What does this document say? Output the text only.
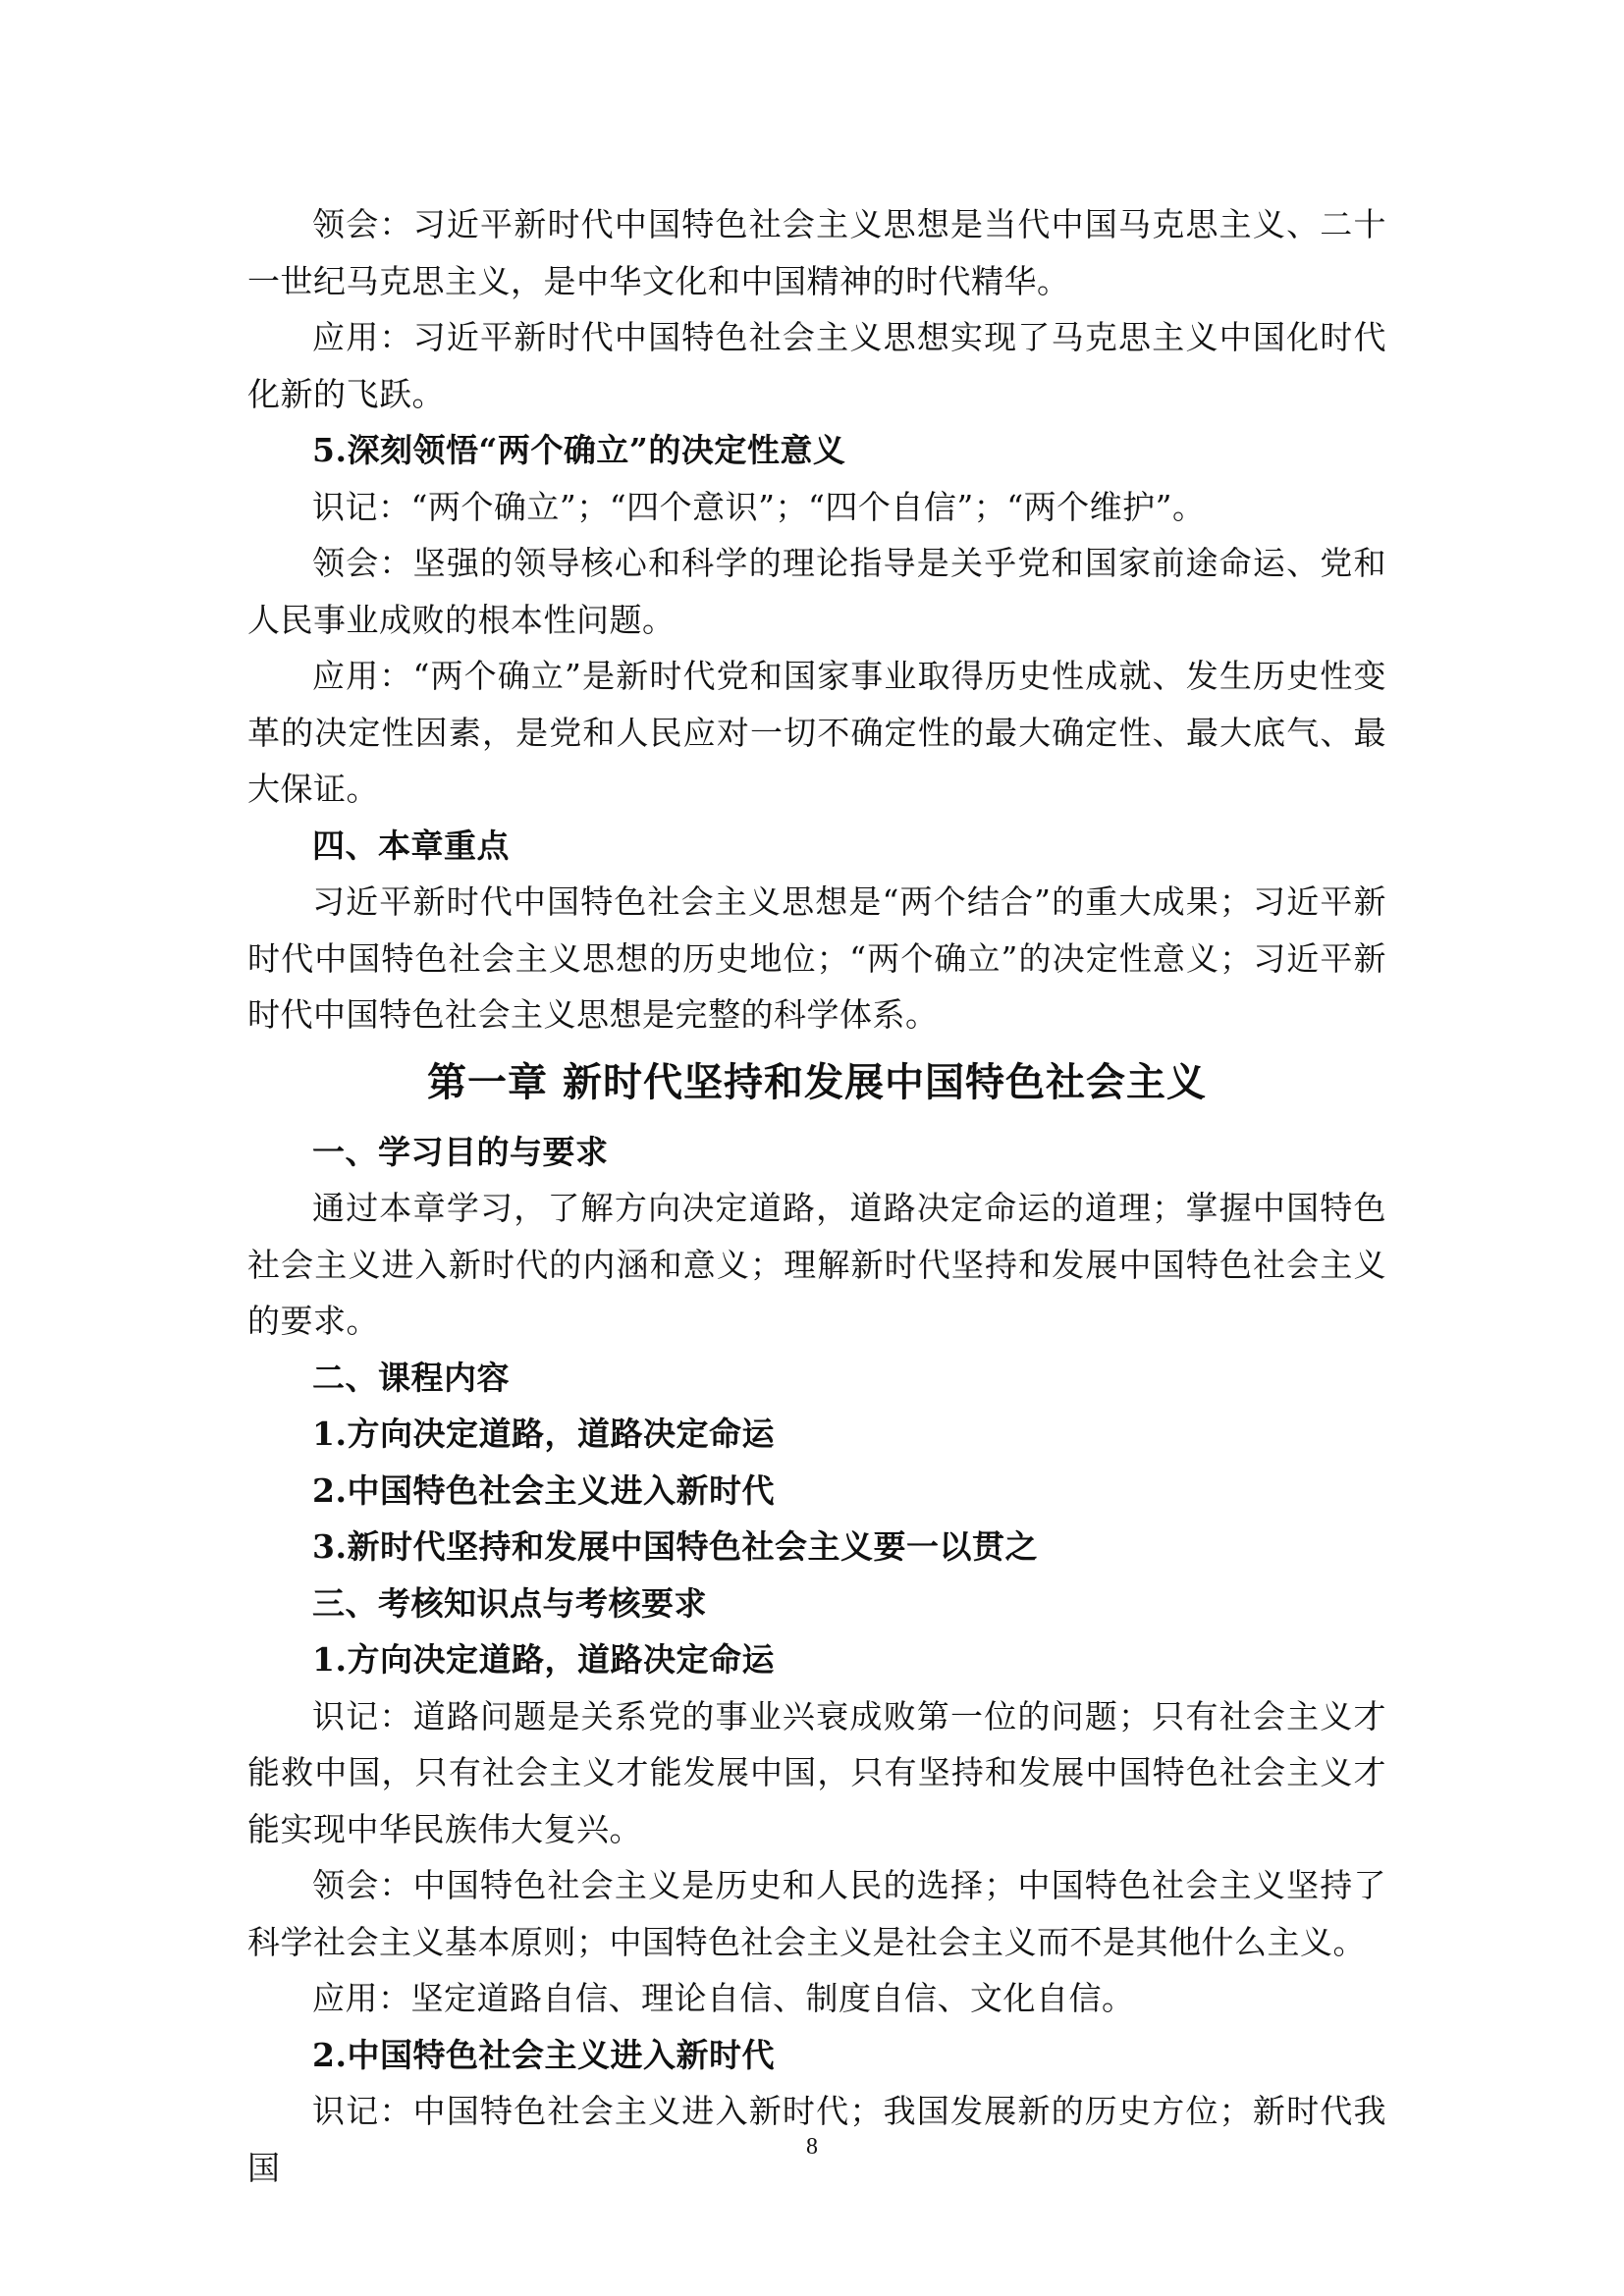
领会：习近平新时代中国特色社会主义思想是当代中国马克思主义、二十一世纪马克思主义，是中华文化和中国精神的时代精华。

应用：习近平新时代中国特色社会主义思想实现了马克思主义中国化时代化新的飞跃。

5.深刻领悟“两个确立”的决定性意义

识记：“两个确立”；“四个意识”；“四个自信”；“两个维护”。

领会：坚强的领导核心和科学的理论指导是关乎党和国家前途命运、党和人民事业成败的根本性问题。

应用：“两个确立”是新时代党和国家事业取得历史性成就、发生历史性变革的决定性因素，是党和人民应对一切不确定性的最大确定性、最大底气、最大保证。

四、本章重点

习近平新时代中国特色社会主义思想是“两个结合”的重大成果；习近平新时代中国特色社会主义思想的历史地位；“两个确立”的决定性意义；习近平新时代中国特色社会主义思想是完整的科学体系。

第一章 新时代坚持和发展中国特色社会主义

一、学习目的与要求

通过本章学习，了解方向决定道路，道路决定命运的道理；掌握中国特色社会主义进入新时代的内涵和意义；理解新时代坚持和发展中国特色社会主义的要求。

二、课程内容

1.方向决定道路，道路决定命运

2.中国特色社会主义进入新时代

3.新时代坚持和发展中国特色社会主义要一以贯之

三、考核知识点与考核要求

1.方向决定道路，道路决定命运

识记：道路问题是关系党的事业兴衰成败第一位的问题；只有社会主义才能救中国，只有社会主义才能发展中国，只有坚持和发展中国特色社会主义才能实现中华民族伟大复兴。

领会：中国特色社会主义是历史和人民的选择；中国特色社会主义坚持了科学社会主义基本原则；中国特色社会主义是社会主义而不是其他什么主义。

应用：坚定道路自信、理论自信、制度自信、文化自信。

2.中国特色社会主义进入新时代

识记：中国特色社会主义进入新时代；我国发展新的历史方位；新时代我国

8
